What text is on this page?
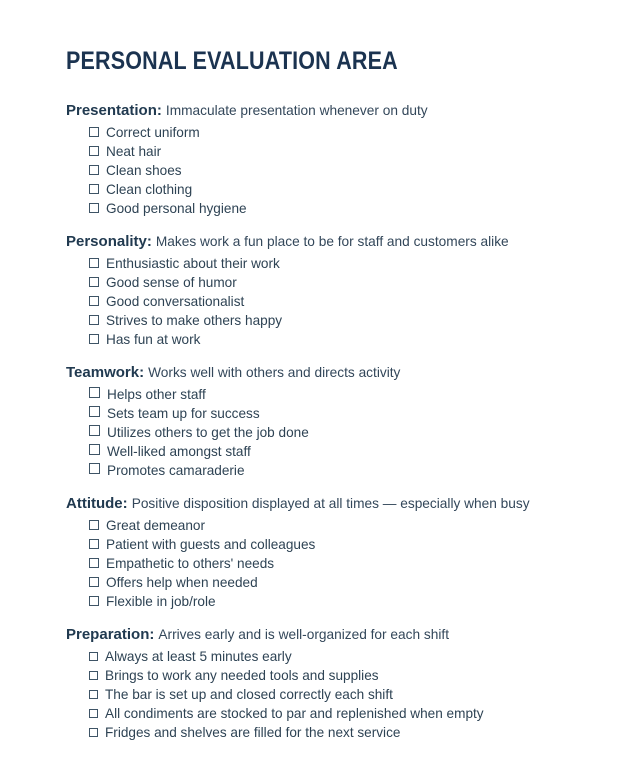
PERSONAL EVALUATION AREA

Presentation: Immaculate presentation whenever on duty

Correct uniform
Neat hair
Clean shoes
Clean clothing
Good personal hygiene

Personality: Makes work a fun place to be for staff and customers alike

Enthusiastic about their work
Good sense of humor
Good conversationalist
Strives to make others happy
Has fun at work

Teamwork: Works well with others and directs activity

Helps other staff
Sets team up for success
Utilizes others to get the job done
Well-liked amongst staff
Promotes camaraderie

Attitude: Positive disposition displayed at all times — especially when busy

Great demeanor
Patient with guests and colleagues
Empathetic to others' needs
Offers help when needed
Flexible in job/role

Preparation: Arrives early and is well-organized for each shift

Always at least 5 minutes early
Brings to work any needed tools and supplies
The bar is set up and closed correctly each shift
All condiments are stocked to par and replenished when empty
Fridges and shelves are filled for the next service
